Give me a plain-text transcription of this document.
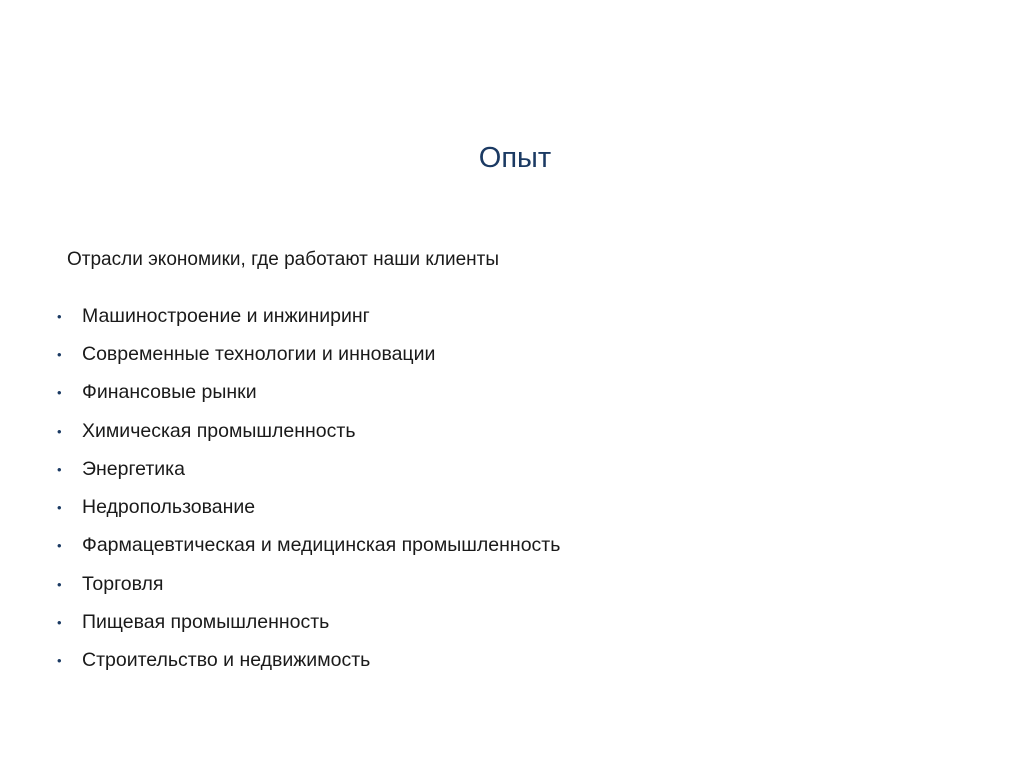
Опыт

Отрасли экономики, где работают наши клиенты

•	Машиностроение и инжиниринг
•	Современные технологии и инновации
•	Финансовые рынки
•	Химическая промышленность
•	Энергетика
•	Недропользование
•	Фармацевтическая и медицинская промышленность
•	Торговля
•	Пищевая промышленность
•	Строительство и недвижимость
